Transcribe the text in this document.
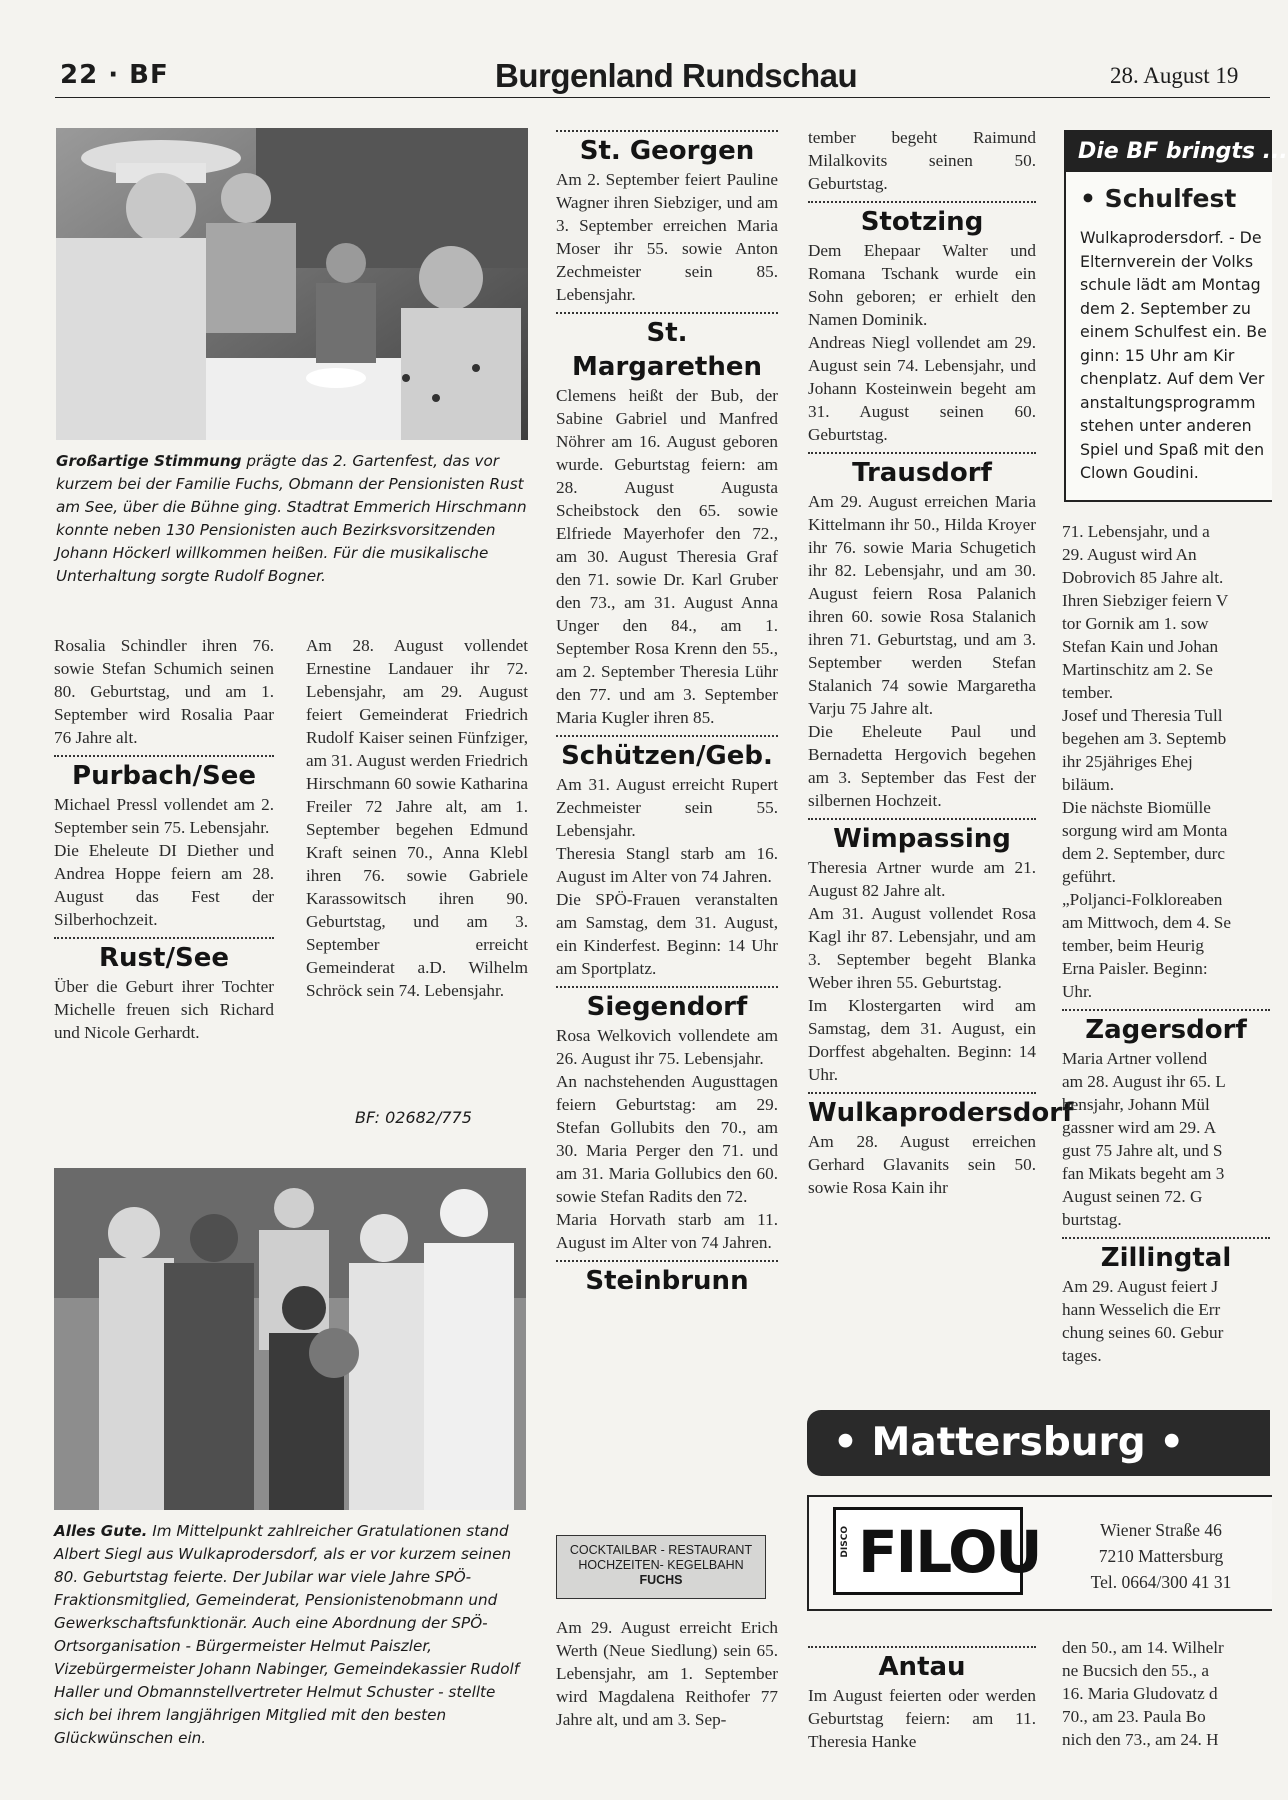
22 · BF	Burgenland Rundschau	28. August 19
Großartige Stimmung prägte das 2. Gartenfest, das vor kurzem bei der Familie Fuchs, Obmann der Pensionisten Rust am See, über die Bühne ging. Stadtrat Emmerich Hirschmann konnte neben 130 Pensionisten auch Bezirksvorsitzenden Johann Höckerl willkommen heißen. Für die musikalische Unterhaltung sorgte Rudolf Bogner.

Rosalia Schindler ihren 76. sowie Stefan Schumich seinen 80. Geburtstag, und am 1. September wird Rosalia Paar 76 Jahre alt.

Purbach/See

Michael Pressl vollendet am 2. September sein 75. Lebensjahr.

Die Eheleute DI Diether und Andrea Hoppe feiern am 28. August das Fest der Silberhochzeit.

Rust/See

Über die Geburt ihrer Tochter Michelle freuen sich Richard und Nicole Gerhardt.

Am 28. August vollendet Ernestine Landauer ihr 72. Lebensjahr, am 29. August feiert Gemeinderat Friedrich Rudolf Kaiser seinen Fünfziger, am 31. August werden Friedrich Hirschmann 60 sowie Katharina Freiler 72 Jahre alt, am 1. September begehen Edmund Kraft seinen 70., Anna Klebl ihren 76. sowie Gabriele Karassowitsch ihren 90. Geburtstag, und am 3. September erreicht Gemeinderat a.D. Wilhelm Schröck sein 74. Lebensjahr.

BF: 02682/775
Alles Gute. Im Mittelpunkt zahlreicher Gratulationen stand Albert Siegl aus Wulkaprodersdorf, als er vor kurzem seinen 80. Geburtstag feierte. Der Jubilar war viele Jahre SPÖ-Fraktionsmitglied, Gemeinderat, Pensionistenobmann und Gewerkschaftsfunktionär. Auch eine Abordnung der SPÖ-Ortsorganisation - Bürgermeister Helmut Paiszler, Vizebürgermeister Johann Nabinger, Gemeindekassier Rudolf Haller und Obmannstellvertreter Helmut Schuster - stellte sich bei ihrem langjährigen Mitglied mit den besten Glückwünschen ein.
St. Georgen

Am 2. September feiert Pauline Wagner ihren Siebziger, und am 3. September erreichen Maria Moser ihr 55. sowie Anton Zechmeister sein 85. Lebensjahr.

St. Margarethen

Clemens heißt der Bub, der Sabine Gabriel und Manfred Nöhrer am 16. August geboren wurde. Geburtstag feiern: am 28. August Augusta Scheibstock den 65. sowie Elfriede Mayerhofer den 72., am 30. August Theresia Graf den 71. sowie Dr. Karl Gruber den 73., am 31. August Anna Unger den 84., am 1. September Rosa Krenn den 55., am 2. September Theresia Lühr den 77. und am 3. September Maria Kugler ihren 85.

Schützen/Geb.

Am 31. August erreicht Rupert Zechmeister sein 55. Lebensjahr.

Theresia Stangl starb am 16. August im Alter von 74 Jahren.

Die SPÖ-Frauen veranstalten am Samstag, dem 31. August, ein Kinderfest. Beginn: 14 Uhr am Sportplatz.

Siegendorf

Rosa Welkovich vollendete am 26. August ihr 75. Lebensjahr.

An nachstehenden Augusttagen feiern Geburtstag: am 29. Stefan Gollubits den 70., am 30. Maria Perger den 71. und am 31. Maria Gollubics den 60. sowie Stefan Radits den 72.

Maria Horvath starb am 11. August im Alter von 74 Jahren.

Steinbrunn
COCKTAILBAR - RESTAURANT
HOCHZEITEN- KEGELBAHN
FUCHS

Am 29. August erreicht Erich Werth (Neue Siedlung) sein 65. Lebensjahr, am 1. September wird Magdalena Reithofer 77 Jahre alt, und am 3. Sep-

tember begeht Raimund Milalkovits seinen 50. Geburtstag.

Stotzing

Dem Ehepaar Walter und Romana Tschank wurde ein Sohn geboren; er erhielt den Namen Dominik.

Andreas Niegl vollendet am 29. August sein 74. Lebensjahr, und Johann Kosteinwein begeht am 31. August seinen 60. Geburtstag.

Trausdorf

Am 29. August erreichen Maria Kittelmann ihr 50., Hilda Kroyer ihr 76. sowie Maria Schugetich ihr 82. Lebensjahr, und am 30. August feiern Rosa Palanich ihren 60. sowie Rosa Stalanich ihren 71. Geburtstag, und am 3. September werden Stefan Stalanich 74 sowie Margaretha Varju 75 Jahre alt.

Die Eheleute Paul und Bernadetta Hergovich begehen am 3. September das Fest der silbernen Hochzeit.

Wimpassing

Theresia Artner wurde am 21. August 82 Jahre alt.

Am 31. August vollendet Rosa Kagl ihr 87. Lebensjahr, und am 3. September begeht Blanka Weber ihren 55. Geburtstag.

Im Klostergarten wird am Samstag, dem 31. August, ein Dorffest abgehalten. Beginn: 14 Uhr.

Wulkaprodersdorf

Am 28. August erreichen Gerhard Glavanits sein 50. sowie Rosa Kain ihr

Die BF bringts ...
• Schulfest
Wulkaprodersdorf. - De
Elternverein der Volks
schule lädt am Montag
dem 2. September zu
einem Schulfest ein. Be
ginn: 15 Uhr am Kir
chenplatz. Auf dem Ver
anstaltungsprogramm
stehen unter anderen
Spiel und Spaß mit den
Clown Goudini.
71. Lebensjahr, und a
29. August wird An
Dobrovich 85 Jahre alt.
Ihren Siebziger feiern V
tor Gornik am 1. sow
Stefan Kain und Johan
Martinschitz am 2. Se
tember.
Josef und Theresia Tull
begehen am 3. Septemb
ihr 25jähriges Ehej
biläum.
Die nächste Biomülle
sorgung wird am Monta
dem 2. September, durc
geführt.
„Poljanci-Folkloreaben
am Mittwoch, dem 4. Se
tember, beim Heurig
Erna Paisler. Beginn:
Uhr.
Zagersdorf
Maria Artner vollend
am 28. August ihr 65. L
bensjahr, Johann Mül
gassner wird am 29. A
gust 75 Jahre alt, und S
fan Mikats begeht am 3
August seinen 72. G
burtstag.
Zillingtal
Am 29. August feiert J
hann Wesselich die Err
chung seines 60. Gebur
tages.
• Mattersburg •
DISCO FILOU	Wiener Straße 46
7210 Mattersburg
Tel. 0664/300 41 31
Antau

Im August feierten oder werden Geburtstag feiern: am 11. Theresia Hanke

den 50., am 14. Wilhelr
ne Bucsich den 55., a
16. Maria Gludovatz d
70., am 23. Paula Bo
nich den 73., am 24. H
